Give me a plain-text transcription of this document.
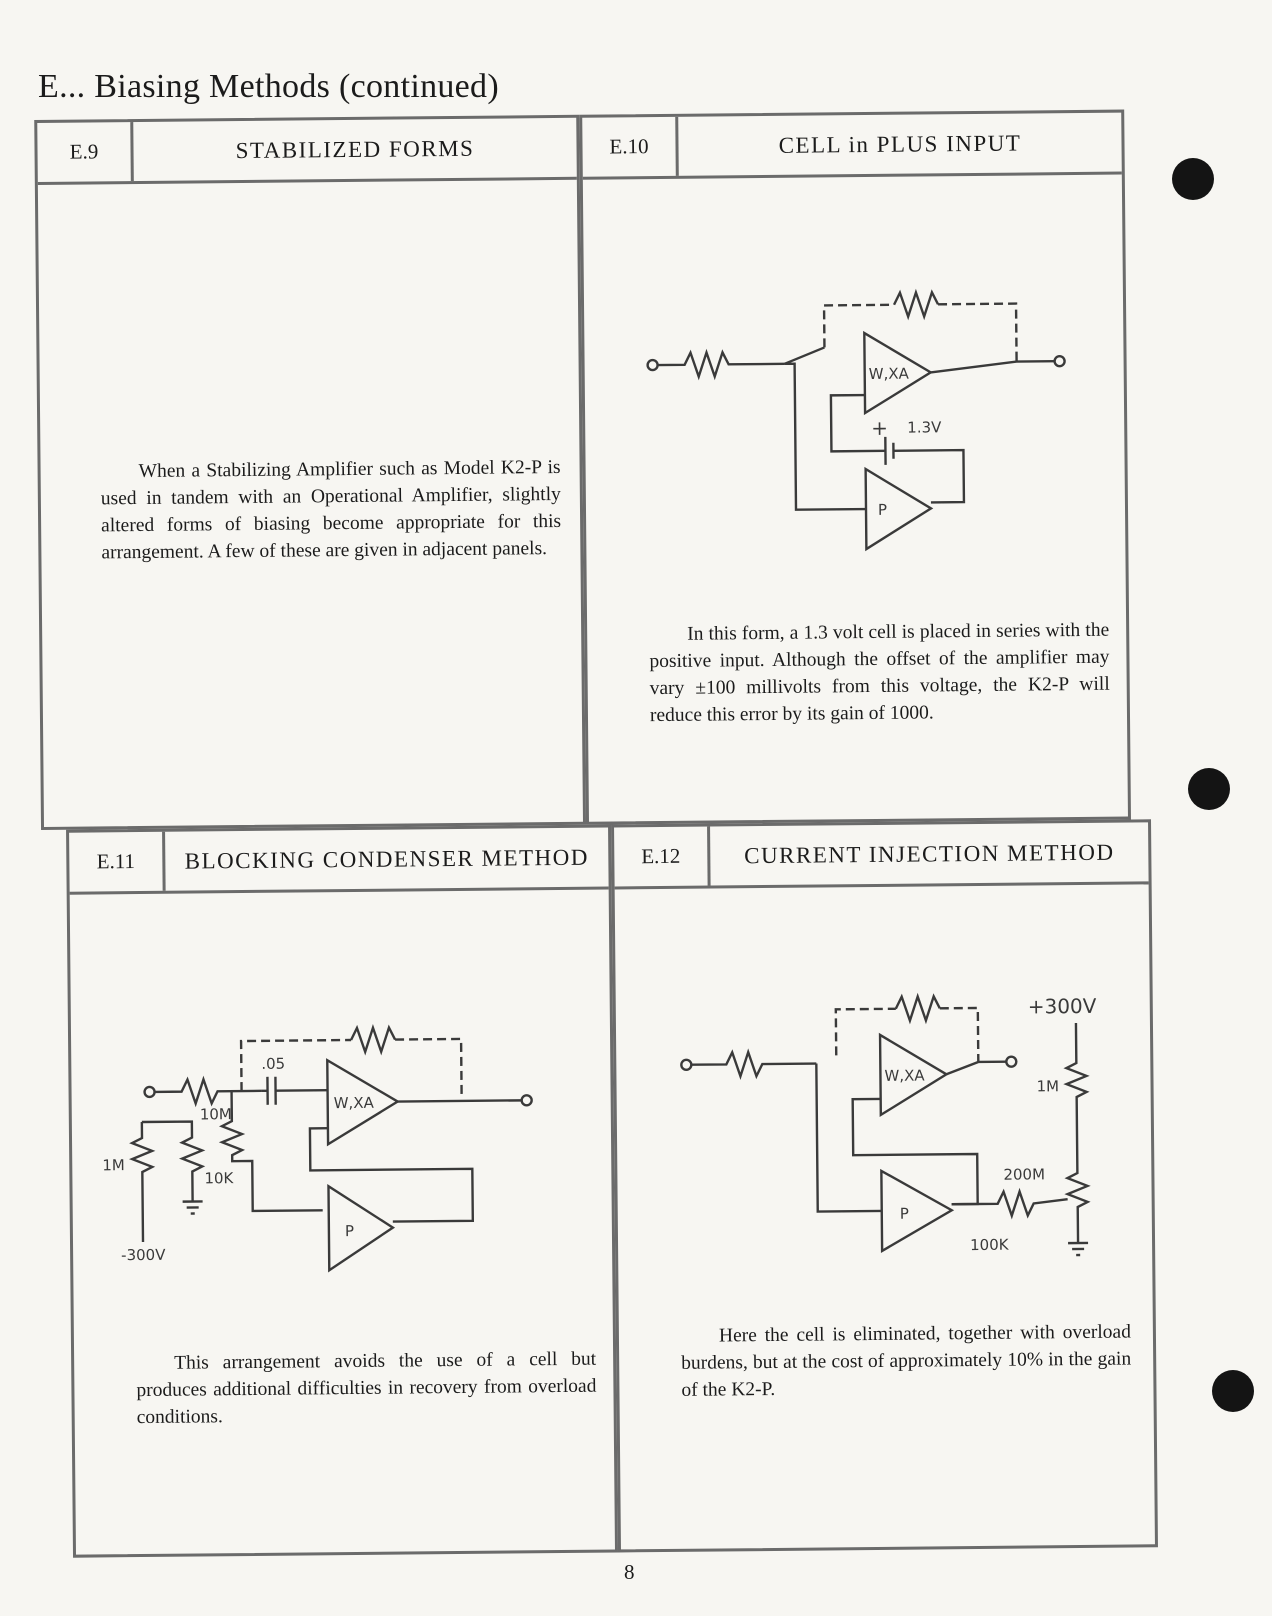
E... Biasing Methods (continued)
E.9	STABILIZED FORMS
When a Stabilizing Amplifier such as Model K2-P is used in tandem with an Operational Amplifier, slightly altered forms of biasing become appropriate for this arrangement. A few of these are given in adjacent panels.
E.10	CELL in PLUS INPUT
W,XA
+ 1.3V
P
In this form, a 1.3 volt cell is placed in series with the positive input. Although the offset of the amplifier may vary ±100 millivolts from this voltage, the K2-P will reduce this error by its gain of 1000.
E.11	BLOCKING CONDENSER METHOD
.05
W,XA
10M
P
1M
10K
-300V
This arrangement avoids the use of a cell but produces additional difficulties in recovery from overload conditions.
E.12	CURRENT INJECTION METHOD
W,XA
P
+300V
1M
200M
100K
Here the cell is eliminated, together with overload burdens, but at the cost of approximately 10% in the gain of the K2-P.
8
